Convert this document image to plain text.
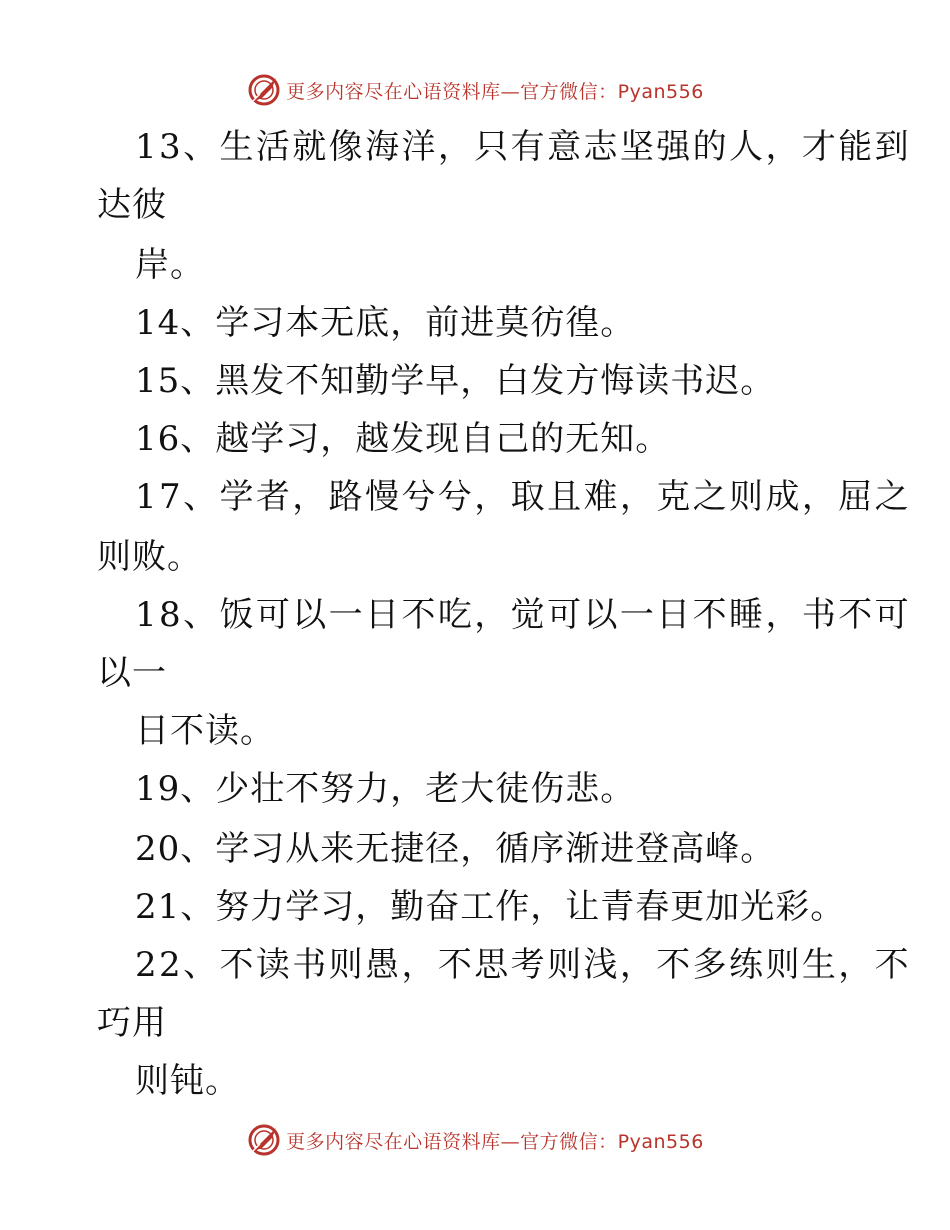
更多内容尽在心语资料库—官方微信：Pyan556
13、生活就像海洋，只有意志坚强的人，才能到
达彼
岸。
14、学习本无底，前进莫彷徨。
15、黑发不知勤学早，白发方悔读书迟。
16、越学习，越发现自己的无知。
17、学者，路慢兮兮，取且难，克之则成，屈之
则败。
18、饭可以一日不吃，觉可以一日不睡，书不可
以一
日不读。
19、少壮不努力，老大徒伤悲。
20、学习从来无捷径，循序渐进登高峰。
21、努力学习，勤奋工作，让青春更加光彩。
22、不读书则愚，不思考则浅，不多练则生，不
巧用
则钝。
更多内容尽在心语资料库—官方微信：Pyan556
